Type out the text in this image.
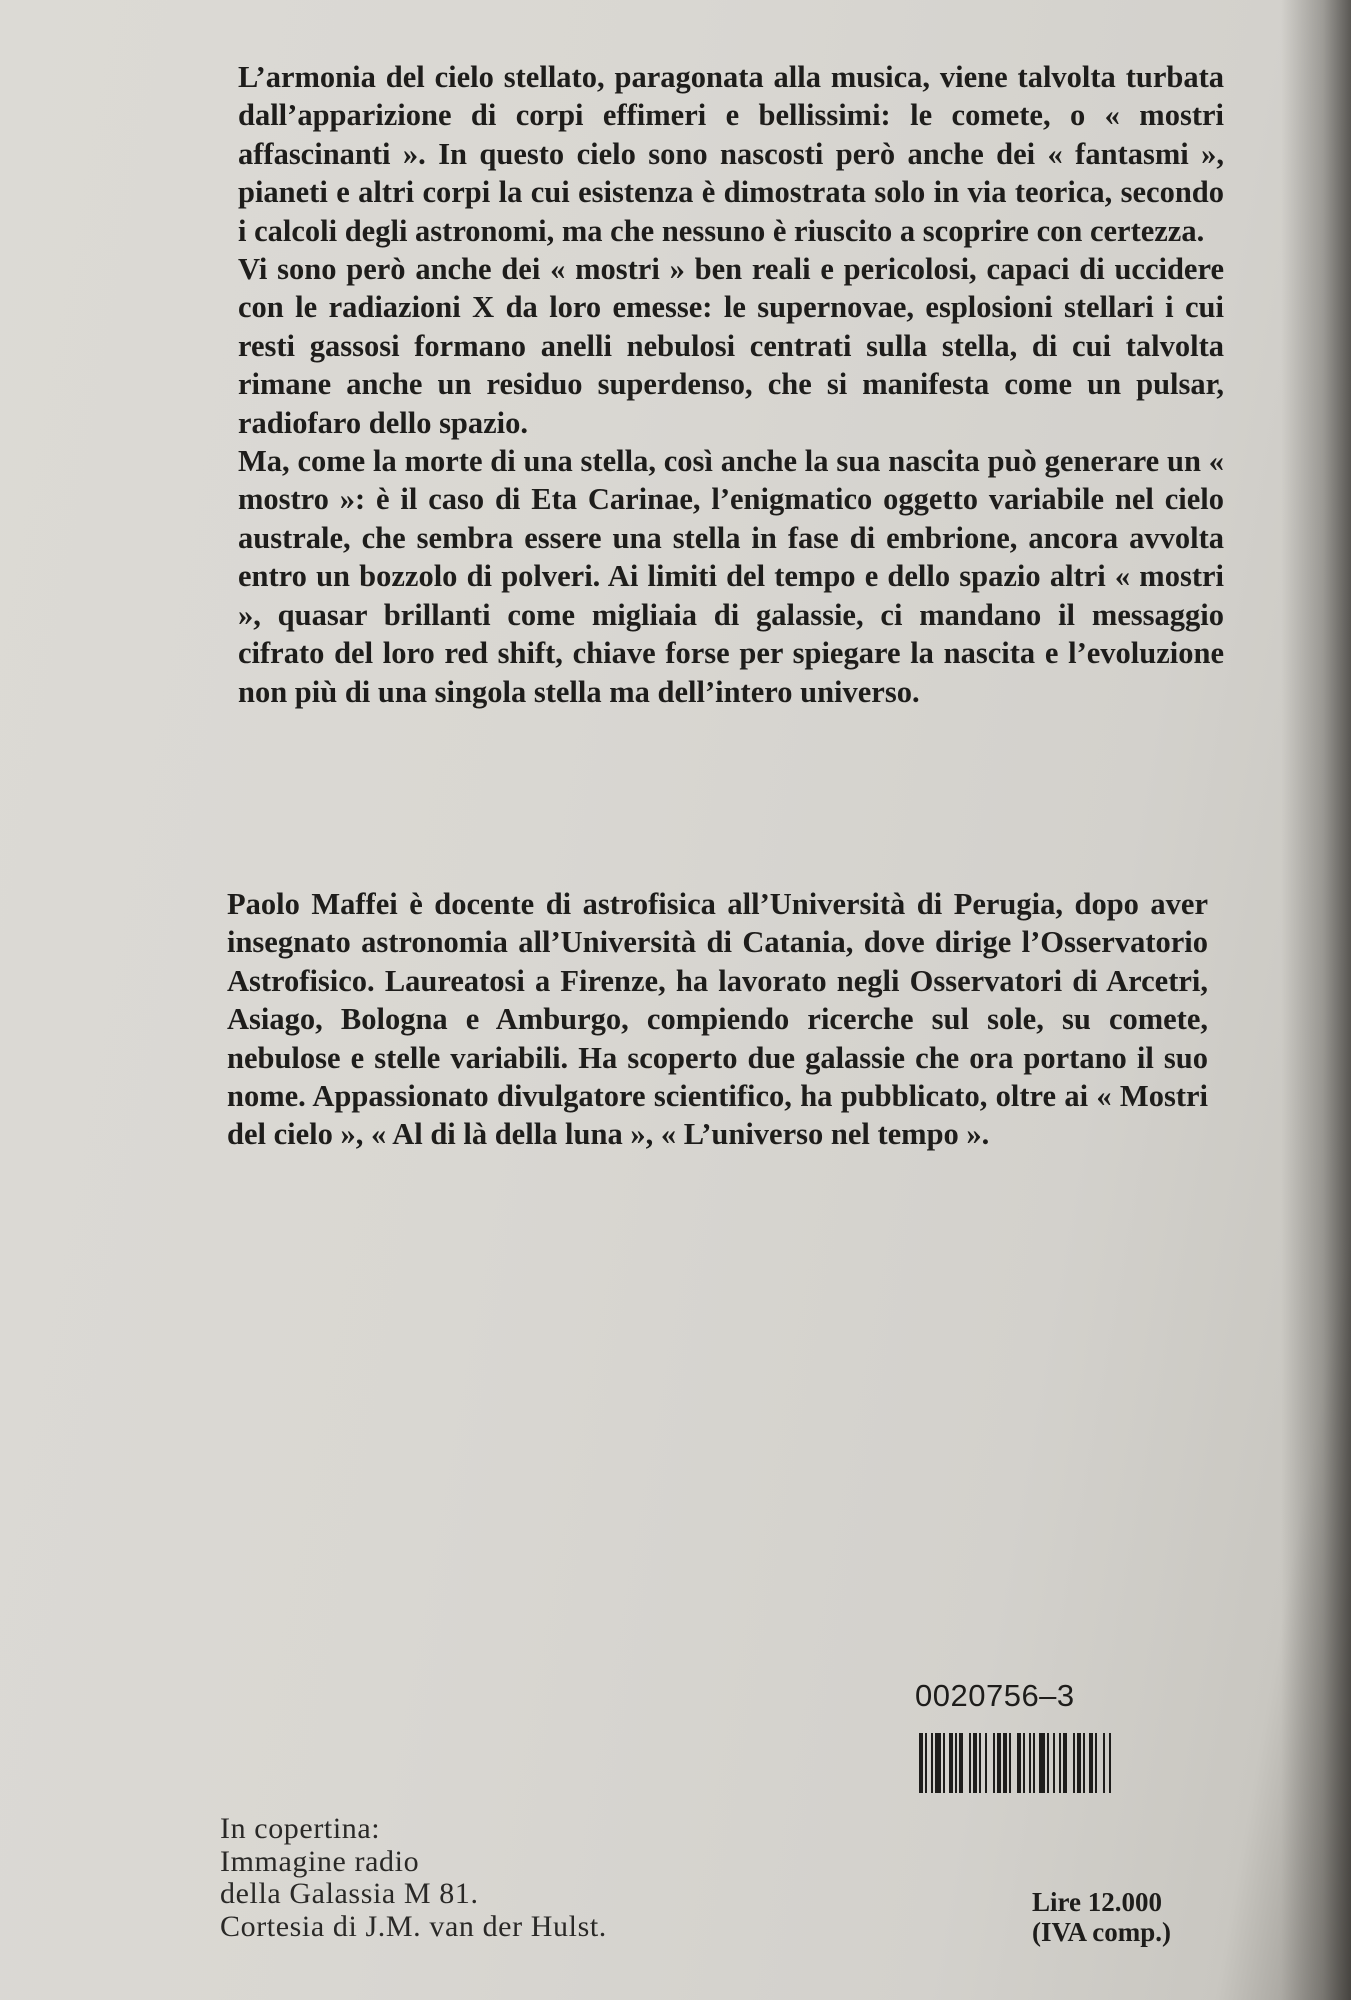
L’armonia del cielo stellato, paragonata alla musica, viene talvolta turbata dall’apparizione di corpi effimeri e bellissimi: le comete, o « mostri affascinanti ». In questo cielo sono nascosti però anche dei « fantasmi », pianeti e altri corpi la cui esistenza è dimostrata solo in via teorica, secondo i calcoli degli astronomi, ma che nessuno è riuscito a scoprire con certezza.

Vi sono però anche dei « mostri » ben reali e pericolosi, capaci di uccidere con le radiazioni X da loro emesse: le supernovae, esplosioni stellari i cui resti gassosi formano anelli nebulosi centrati sulla stella, di cui talvolta rimane anche un residuo superdenso, che si manifesta come un pulsar, radiofaro dello spazio.

Ma, come la morte di una stella, così anche la sua nascita può generare un « mostro »: è il caso di Eta Carinae, l’enigmatico oggetto variabile nel cielo australe, che sembra essere una stella in fase di embrione, ancora avvolta entro un bozzolo di polveri. Ai limiti del tempo e dello spazio altri « mostri », quasar brillanti come migliaia di galassie, ci mandano il messaggio cifrato del loro red shift, chiave forse per spiegare la nascita e l’evoluzione non più di una singola stella ma dell’intero universo.

Paolo Maffei è docente di astrofisica all’Università di Perugia, dopo aver insegnato astronomia all’Università di Catania, dove dirige l’Osservatorio Astrofisico. Laureatosi a Firenze, ha lavorato negli Osservatori di Arcetri, Asiago, Bologna e Amburgo, compiendo ricerche sul sole, su comete, nebulose e stelle variabili. Ha scoperto due galassie che ora portano il suo nome. Appassionato divulgatore scientifico, ha pubblicato, oltre ai « Mostri del cielo », « Al di là della luna », « L’universo nel tempo ».

0020756–3
In copertina:
Immagine radio
della Galassia M 81.
Cortesia di J.M. van der Hulst.
Lire 12.000
(IVA comp.)
